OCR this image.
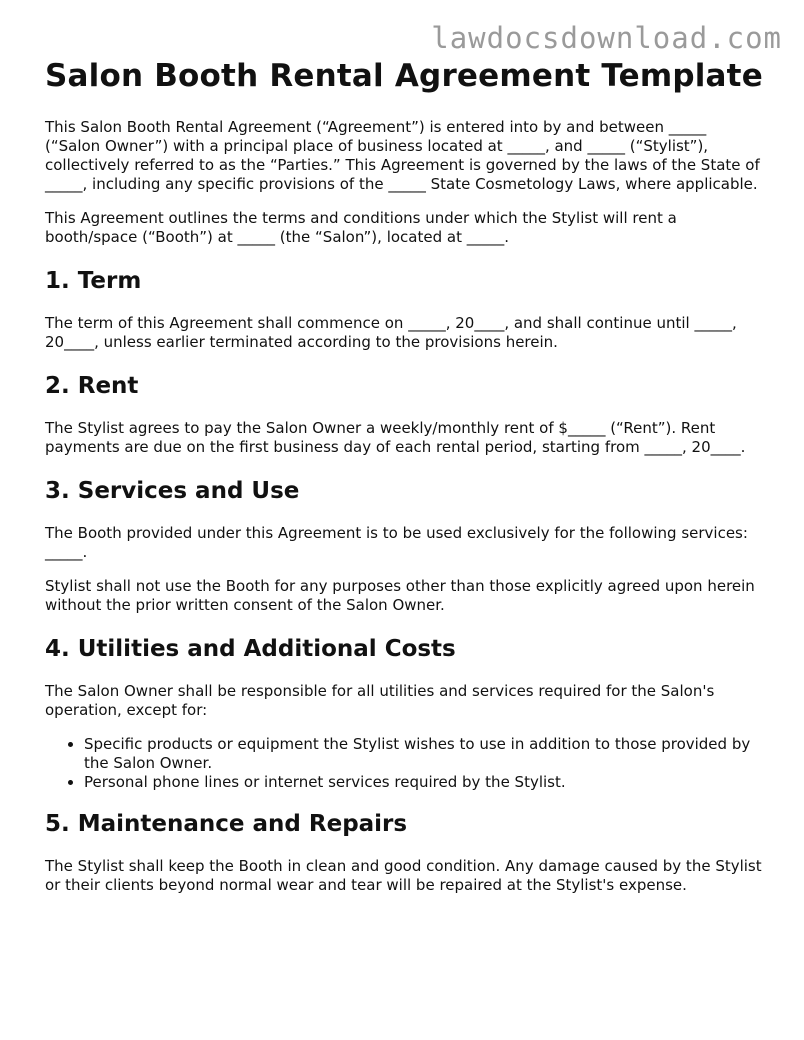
lawdocsdownload.com
Salon Booth Rental Agreement Template

This Salon Booth Rental Agreement (“Agreement”) is entered into by and between _____ (“Salon Owner”) with a principal place of business located at _____, and _____ (“Stylist”), collectively referred to as the “Parties.” This Agreement is governed by the laws of the State of _____, including any specific provisions of the _____ State Cosmetology Laws, where applicable.

This Agreement outlines the terms and conditions under which the Stylist will rent a booth/space (“Booth”) at _____ (the “Salon”), located at _____.

1. Term

The term of this Agreement shall commence on _____, 20____, and shall continue until _____, 20____, unless earlier terminated according to the provisions herein.

2. Rent

The Stylist agrees to pay the Salon Owner a weekly/monthly rent of $_____ (“Rent”). Rent payments are due on the first business day of each rental period, starting from _____, 20____.

3. Services and Use

The Booth provided under this Agreement is to be used exclusively for the following services: _____.

Stylist shall not use the Booth for any purposes other than those explicitly agreed upon herein without the prior written consent of the Salon Owner.

4. Utilities and Additional Costs

The Salon Owner shall be responsible for all utilities and services required for the Salon's operation, except for:

• Specific products or equipment the Stylist wishes to use in addition to those provided by the Salon Owner.
• Personal phone lines or internet services required by the Stylist.
5. Maintenance and Repairs

The Stylist shall keep the Booth in clean and good condition. Any damage caused by the Stylist or their clients beyond normal wear and tear will be repaired at the Stylist's expense.
